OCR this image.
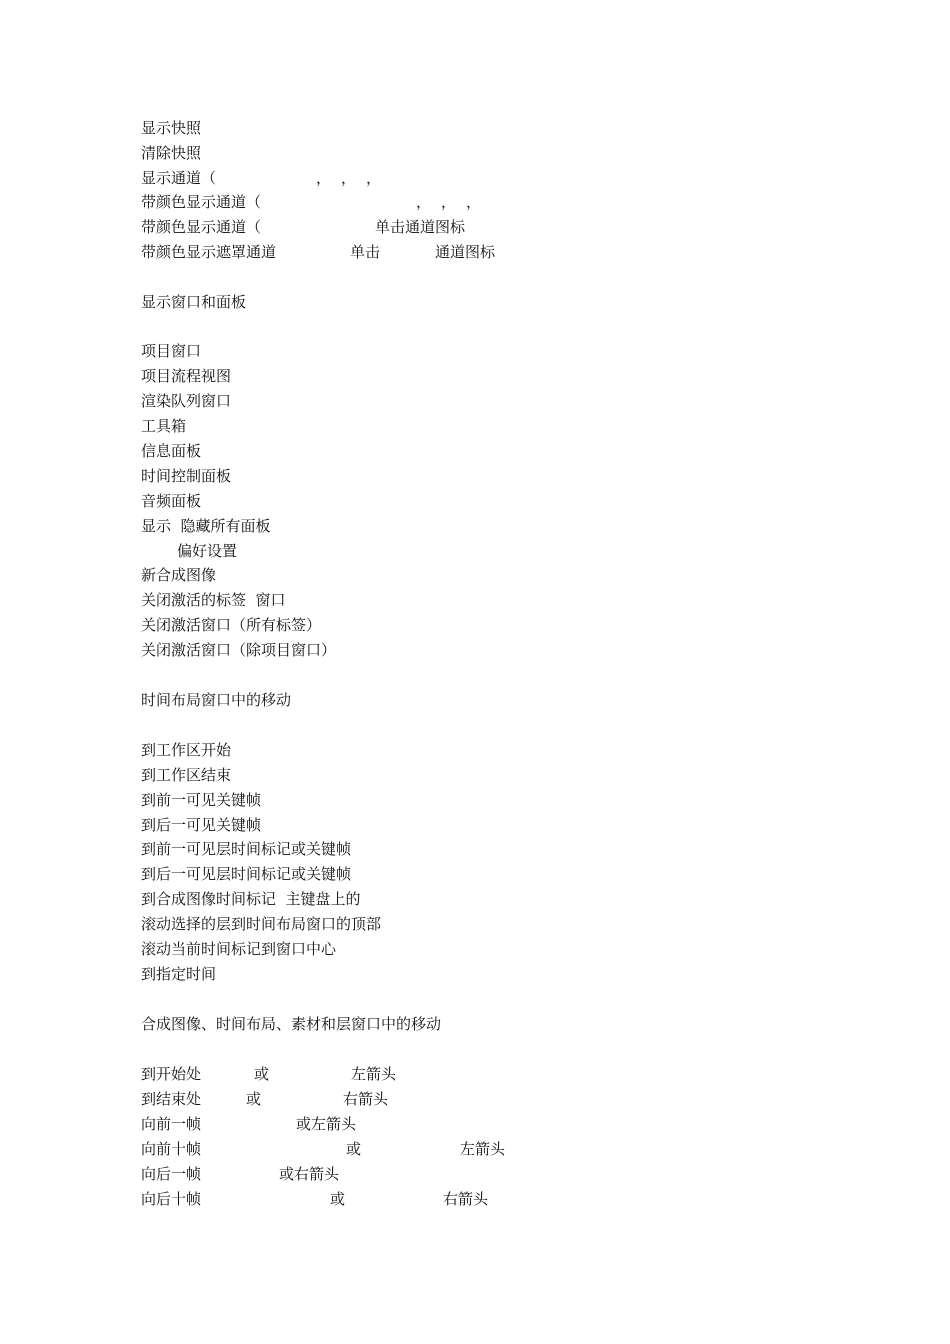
显示快照
清除快照
显示通道（	， ， ，
带颜色显示通道（	， ， ，
带颜色显示通道（	单击通道图标
带颜色显示遮罩通道	单击	通道图标
显示窗口和面板
项目窗口
项目流程视图
渲染队列窗口
工具箱
信息面板
时间控制面板
音频面板
显示  隐藏所有面板
偏好设置
新合成图像
关闭激活的标签  窗口
关闭激活窗口（所有标签）
关闭激活窗口（除项目窗口）
时间布局窗口中的移动
到工作区开始
到工作区结束
到前一可见关键帧
到后一可见关键帧
到前一可见层时间标记或关键帧
到后一可见层时间标记或关键帧
到合成图像时间标记  主键盘上的
滚动选择的层到时间布局窗口的顶部
滚动当前时间标记到窗口中心
到指定时间
合成图像、时间布局、素材和层窗口中的移动
到开始处	或	左箭头
到结束处	或	右箭头
向前一帧	或左箭头
向前十帧	或	左箭头
向后一帧	或右箭头
向后十帧	或	右箭头
